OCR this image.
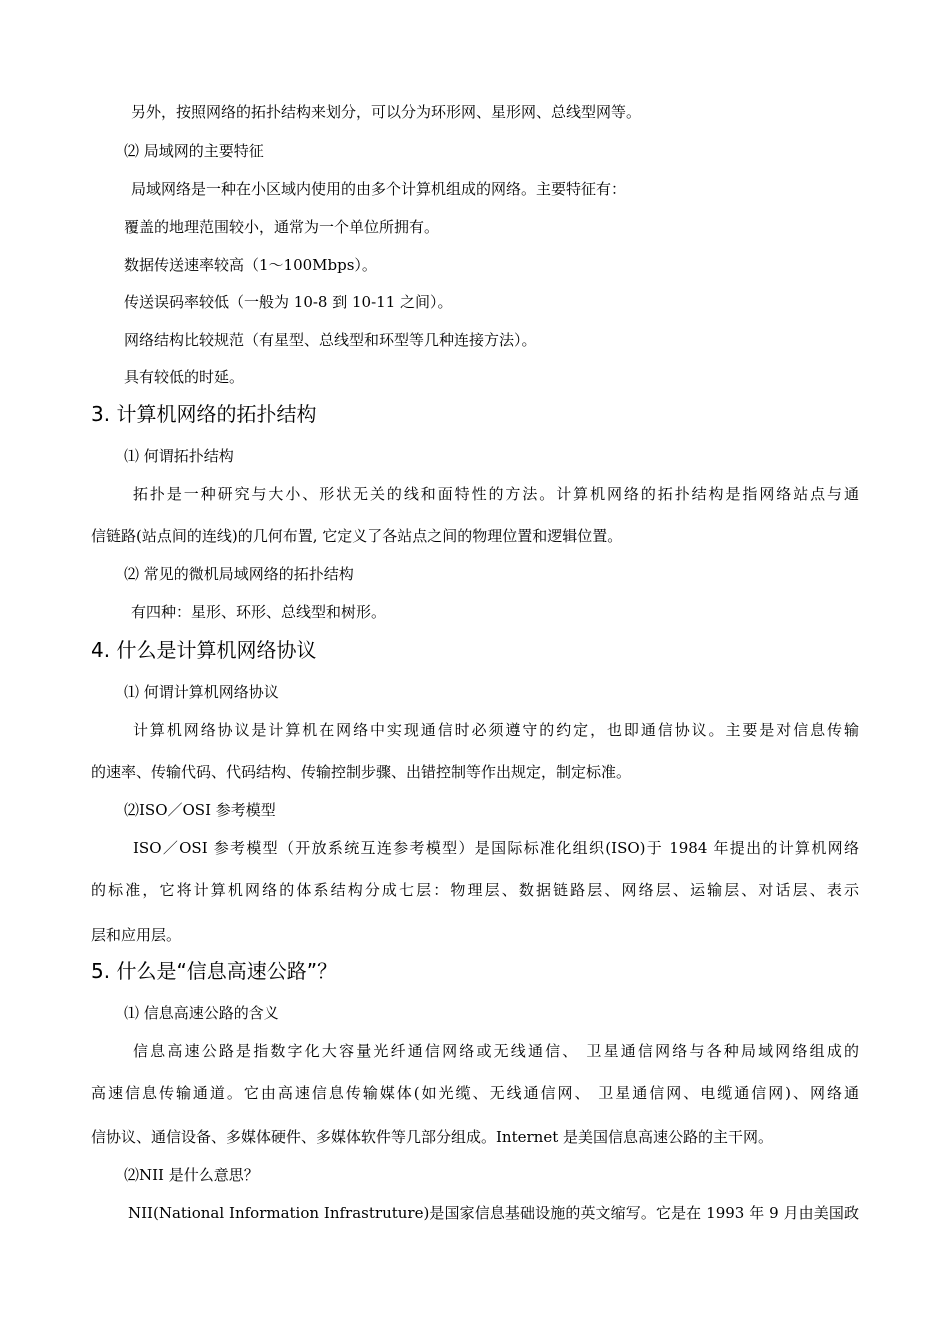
另外，按照网络的拓扑结构来划分，可以分为环形网、星形网、总线型网等。
⑵ 局域网的主要特征
局域网络是一种在小区域内使用的由多个计算机组成的网络。主要特征有：
覆盖的地理范围较小，通常为一个单位所拥有。
数据传送速率较高（1～100Mbps）。
传送误码率较低（一般为 10-8 到 10-11 之间）。
网络结构比较规范（有星型、总线型和环型等几种连接方法）。
具有较低的时延。
3. 计算机网络的拓扑结构
⑴ 何谓拓扑结构
拓扑是一种研究与大小、形状无关的线和面特性的方法。计算机网络的拓扑结构是指网络站点与通
信链路(站点间的连线)的几何布置, 它定义了各站点之间的物理位置和逻辑位置。
⑵ 常见的微机局域网络的拓扑结构
有四种：星形、环形、总线型和树形。
4. 什么是计算机网络协议
⑴ 何谓计算机网络协议
计算机网络协议是计算机在网络中实现通信时必须遵守的约定，也即通信协议。主要是对信息传输
的速率、传输代码、代码结构、传输控制步骤、出错控制等作出规定，制定标准。
⑵ISO／OSI 参考模型
ISO／OSI 参考模型（开放系统互连参考模型）是国际标准化组织(ISO)于 1984 年提出的计算机网络
的标准，它将计算机网络的体系结构分成七层：物理层、数据链路层、网络层、运输层、对话层、表示
层和应用层。
5. 什么是“信息高速公路”？
⑴ 信息高速公路的含义
信息高速公路是指数字化大容量光纤通信网络或无线通信、 卫星通信网络与各种局域网络组成的
高速信息传输通道。它由高速信息传输媒体(如光缆、无线通信网、 卫星通信网、电缆通信网)、网络通
信协议、通信设备、多媒体硬件、多媒体软件等几部分组成。Internet 是美国信息高速公路的主干网。
⑵NII 是什么意思？
NII(National Information Infrastruture)是国家信息基础设施的英文缩写。它是在 1993 年 9 月由美国政
